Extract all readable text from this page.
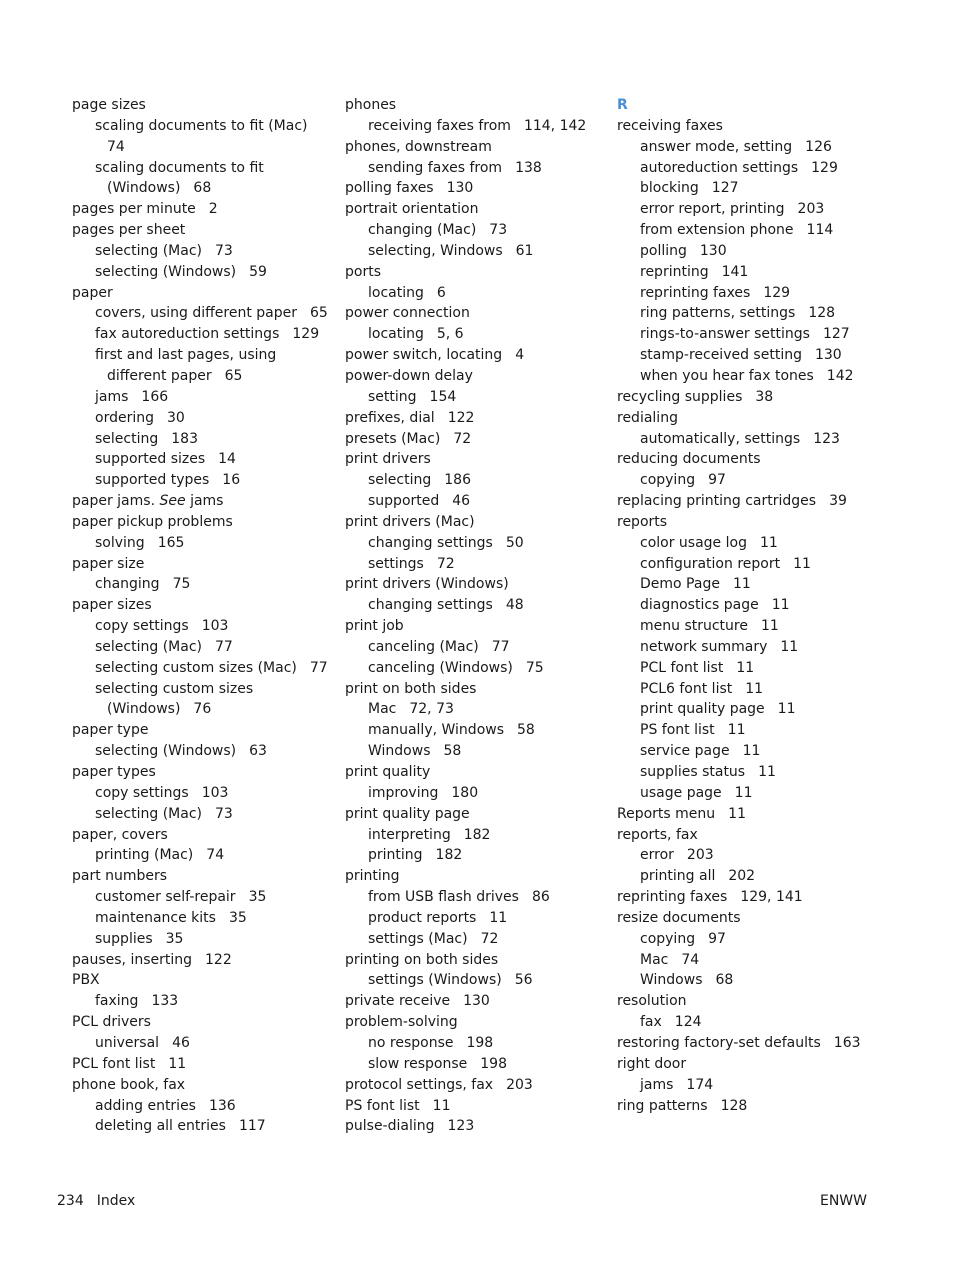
page sizes
scaling documents to fit (Mac)
74
scaling documents to fit
(Windows) 68
pages per minute 2
pages per sheet
selecting (Mac) 73
selecting (Windows) 59
paper
covers, using different paper 65
fax autoreduction settings 129
first and last pages, using
different paper 65
jams 166
ordering 30
selecting 183
supported sizes 14
supported types 16
paper jams. See jams
paper pickup problems
solving 165
paper size
changing 75
paper sizes
copy settings 103
selecting (Mac) 77
selecting custom sizes (Mac) 77
selecting custom sizes
(Windows) 76
paper type
selecting (Windows) 63
paper types
copy settings 103
selecting (Mac) 73
paper, covers
printing (Mac) 74
part numbers
customer self-repair 35
maintenance kits 35
supplies 35
pauses, inserting 122
PBX
faxing 133
PCL drivers
universal 46
PCL font list 11
phone book, fax
adding entries 136
deleting all entries 117
phones
receiving faxes from 114, 142
phones, downstream
sending faxes from 138
polling faxes 130
portrait orientation
changing (Mac) 73
selecting, Windows 61
ports
locating 6
power connection
locating 5, 6
power switch, locating 4
power-down delay
setting 154
prefixes, dial 122
presets (Mac) 72
print drivers
selecting 186
supported 46
print drivers (Mac)
changing settings 50
settings 72
print drivers (Windows)
changing settings 48
print job
canceling (Mac) 77
canceling (Windows) 75
print on both sides
Mac 72, 73
manually, Windows 58
Windows 58
print quality
improving 180
print quality page
interpreting 182
printing 182
printing
from USB flash drives 86
product reports 11
settings (Mac) 72
printing on both sides
settings (Windows) 56
private receive 130
problem-solving
no response 198
slow response 198
protocol settings, fax 203
PS font list 11
pulse-dialing 123
R
receiving faxes
answer mode, setting 126
autoreduction settings 129
blocking 127
error report, printing 203
from extension phone 114
polling 130
reprinting 141
reprinting faxes 129
ring patterns, settings 128
rings-to-answer settings 127
stamp-received setting 130
when you hear fax tones 142
recycling supplies 38
redialing
automatically, settings 123
reducing documents
copying 97
replacing printing cartridges 39
reports
color usage log 11
configuration report 11
Demo Page 11
diagnostics page 11
menu structure 11
network summary 11
PCL font list 11
PCL6 font list 11
print quality page 11
PS font list 11
service page 11
supplies status 11
usage page 11
Reports menu 11
reports, fax
error 203
printing all 202
reprinting faxes 129, 141
resize documents
copying 97
Mac 74
Windows 68
resolution
fax 124
restoring factory-set defaults 163
right door
jams 174
ring patterns 128
234 Index	ENWW
